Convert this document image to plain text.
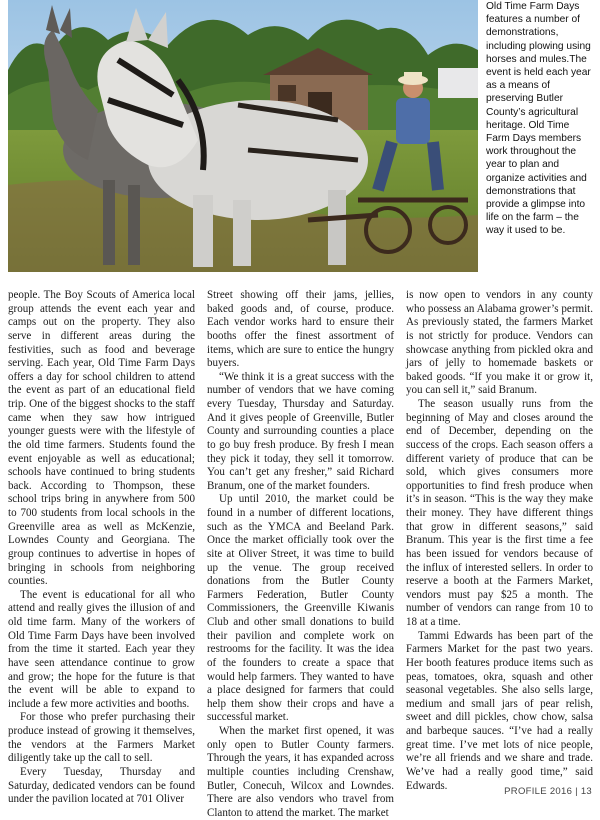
Old Time Farm Days features a number of demonstrations, including plowing using horses and mules.The event is held each year as a means of preserving Butler County’s agricultural heritage. Old Time Farm Days members work throughout the year to plan and organize activities and demonstrations that provide a glimpse into life on the farm – the way it used to be.

people. The Boy Scouts of America local group attends the event each year and camps out on the property. They also serve in different areas during the festivities, such as food and beverage serving. Each year, Old Time Farm Days offers a day for school children to attend the event as part of an educational field trip. One of the biggest shocks to the staff came when they saw how intrigued younger guests were with the lifestyle of the old time farmers. Students found the event enjoyable as well as educational; schools have continued to bring students back. According to Thompson, these school trips bring in anywhere from 500 to 700 students from local schools in the Greenville area as well as McKenzie, Lowndes County and Georgiana. The group continues to advertise in hopes of bringing in schools from neighboring counties.

The event is educational for all who attend and really gives the illusion of and old time farm. Many of the workers of Old Time Farm Days have been involved from the time it started. Each year they have seen attendance continue to grow and grow; the hope for the future is that the event will be able to expand to include a few more activities and booths.

For those who prefer purchasing their produce instead of growing it themselves, the vendors at the Farmers Market diligently take up the call to sell.

Every Tuesday, Thursday and Saturday, dedicated vendors can be found under the pavilion located at 701 Oliver

Street showing off their jams, jellies, baked goods and, of course, produce. Each vendor works hard to ensure their booths offer the finest assortment of items, which are sure to entice the hungry buyers.

“We think it is a great success with the number of vendors that we have coming every Tuesday, Thursday and Saturday. And it gives people of Greenville, Butler County and surrounding counties a place to go buy fresh produce. By fresh I mean they pick it today, they sell it tomorrow. You can’t get any fresher,” said Richard Branum, one of the market founders.

Up until 2010, the market could be found in a number of different locations, such as the YMCA and Beeland Park. Once the market officially took over the site at Oliver Street, it was time to build up the venue. The group received donations from the Butler County Farmers Federation, Butler County Commissioners, the Greenville Kiwanis Club and other small donations to build their pavilion and complete work on restrooms for the facility. It was the idea of the founders to create a space that would help farmers. They wanted to have a place designed for farmers that could help them show their crops and have a successful market.

When the market first opened, it was only open to Butler County farmers. Through the years, it has expanded across multiple counties including Crenshaw, Butler, Conecuh, Wilcox and Lowndes. There are also vendors who travel from Clanton to attend the market. The market

is now open to vendors in any county who possess an Alabama grower’s permit. As previously stated, the farmers Market is not strictly for produce. Vendors can showcase anything from pickled okra and jars of jelly to homemade baskets or baked goods. “If you make it or grow it, you can sell it,” said Branum.

The season usually runs from the beginning of May and closes around the end of December, depending on the success of the crops. Each season offers a different variety of produce that can be sold, which gives consumers more opportunities to find fresh produce when it’s in season. “This is the way they make their money. They have different things that grow in different seasons,” said Branum. This year is the first time a fee has been issued for vendors because of the influx of interested sellers. In order to reserve a booth at the Farmers Market, vendors must pay $25 a month. The number of vendors can range from 10 to 18 at a time.

Tammi Edwards has been part of the Farmers Market for the past two years. Her booth features produce items such as peas, tomatoes, okra, squash and other seasonal vegetables. She also sells large, medium and small jars of pear relish, sweet and dill pickles, chow chow, salsa and barbeque sauces. “I’ve had a really great time. I’ve met lots of nice people, we’re all friends and we share and trade. We’ve had a really good time,” said Edwards.	PROFILE 2016 | 13
